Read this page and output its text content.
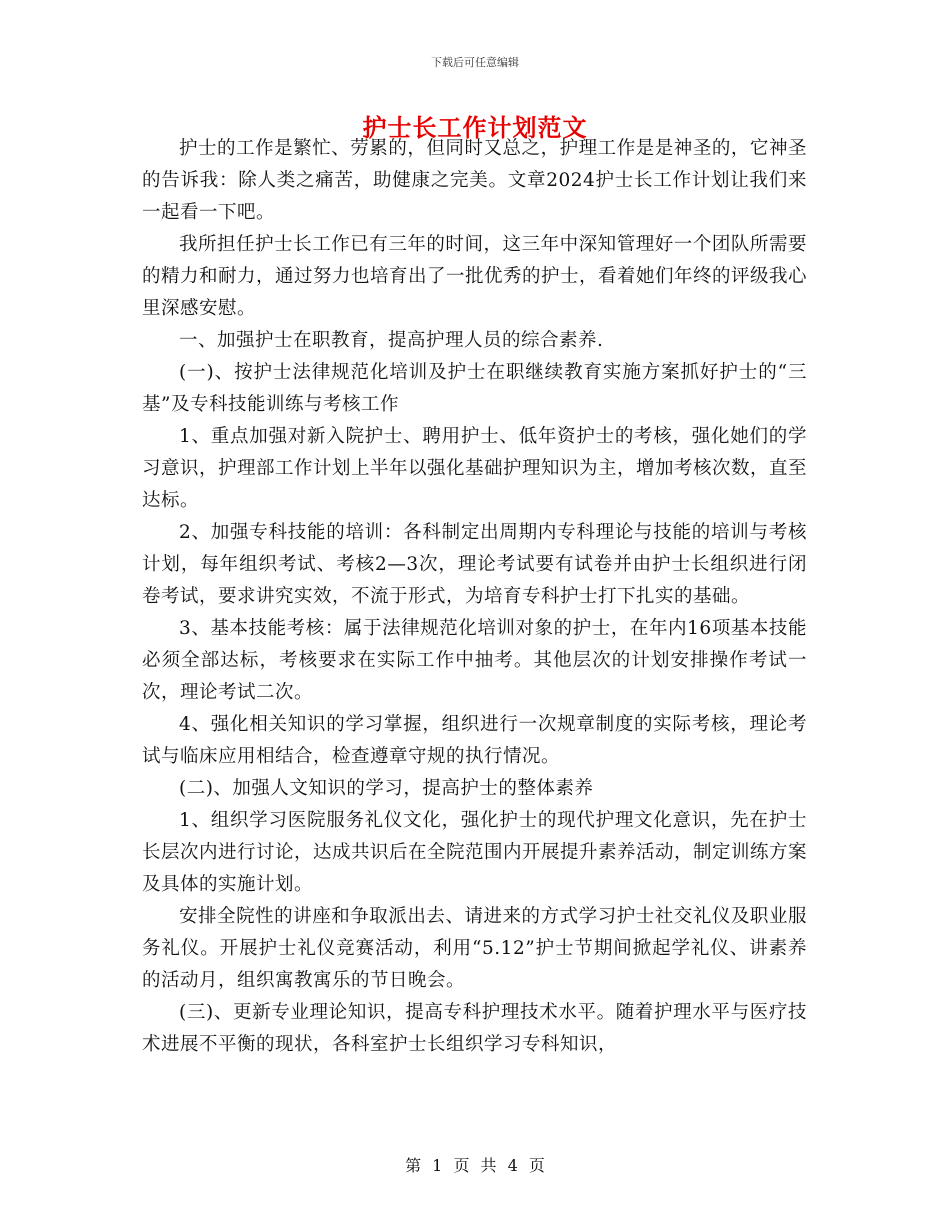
下载后可任意编辑
护士长工作计划范文

护士的工作是繁忙、劳累的，但同时又总之，护理工作是是神圣的，它神圣的告诉我：除人类之痛苦，助健康之完美。文章2024护士长工作计划让我们来一起看一下吧。

我所担任护士长工作已有三年的时间，这三年中深知管理好一个团队所需要的精力和耐力，通过努力也培育出了一批优秀的护士，看着她们年终的评级我心里深感安慰。

一、加强护士在职教育，提高护理人员的综合素养.

(一)、按护士法律规范化培训及护士在职继续教育实施方案抓好护士的“三基”及专科技能训练与考核工作

1、重点加强对新入院护士、聘用护士、低年资护士的考核，强化她们的学习意识，护理部工作计划上半年以强化基础护理知识为主，增加考核次数，直至达标。

2、加强专科技能的培训：各科制定出周期内专科理论与技能的培训与考核计划，每年组织考试、考核2—3次，理论考试要有试卷并由护士长组织进行闭卷考试，要求讲究实效，不流于形式，为培育专科护士打下扎实的基础。

3、基本技能考核：属于法律规范化培训对象的护士，在年内16项基本技能必须全部达标，考核要求在实际工作中抽考。其他层次的计划安排操作考试一次，理论考试二次。

4、强化相关知识的学习掌握，组织进行一次规章制度的实际考核，理论考试与临床应用相结合，检查遵章守规的执行情况。

(二)、加强人文知识的学习，提高护士的整体素养

1、组织学习医院服务礼仪文化，强化护士的现代护理文化意识，先在护士长层次内进行讨论，达成共识后在全院范围内开展提升素养活动，制定训练方案及具体的实施计划。

安排全院性的讲座和争取派出去、请进来的方式学习护士社交礼仪及职业服务礼仪。开展护士礼仪竞赛活动，利用“5.12”护士节期间掀起学礼仪、讲素养的活动月，组织寓教寓乐的节日晚会。

(三)、更新专业理论知识，提高专科护理技术水平。随着护理水平与医疗技术进展不平衡的现状，各科室护士长组织学习专科知识，

第 1 页 共 4 页
